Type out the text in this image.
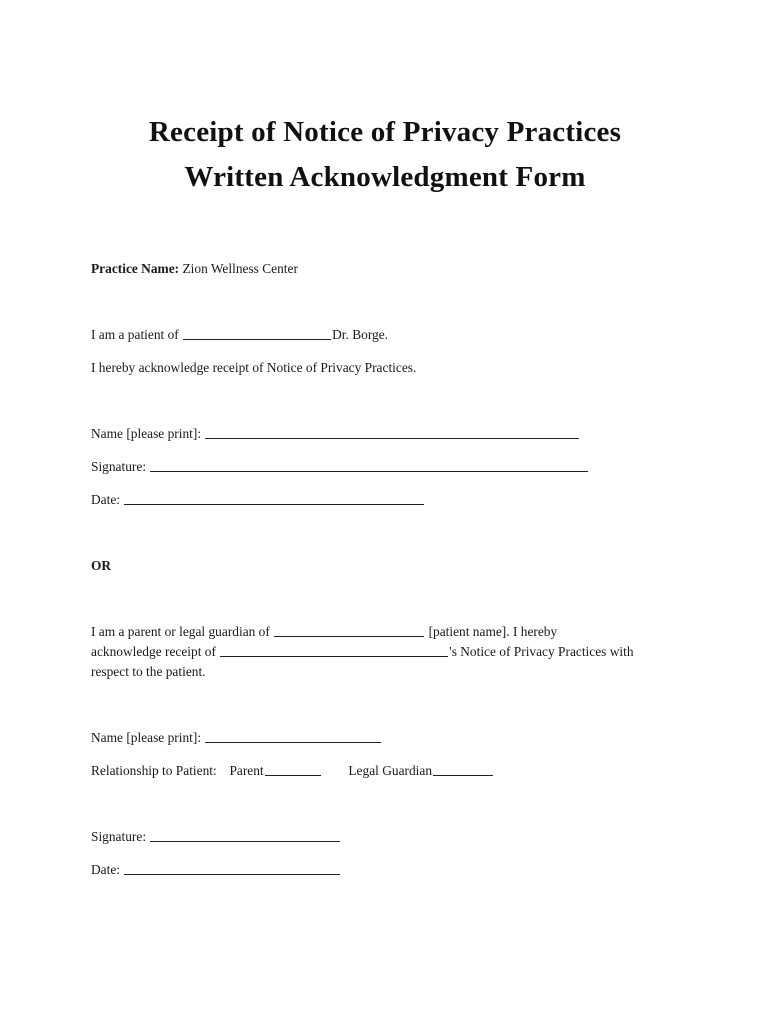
Receipt of Notice of Privacy Practices
Written Acknowledgment Form
Practice Name: Zion Wellness Center
I am a patient of	Dr. Borge.
I hereby acknowledge receipt of Notice of Privacy Practices.
Name [please print]:
Signature:
Date:
OR
I am a parent or legal guardian of	[patient name]. I hereby
acknowledge receipt of	's Notice of Privacy Practices with
respect to the patient.
Name [please print]:
Relationship to Patient: Parent	Legal Guardian
Signature:
Date:
